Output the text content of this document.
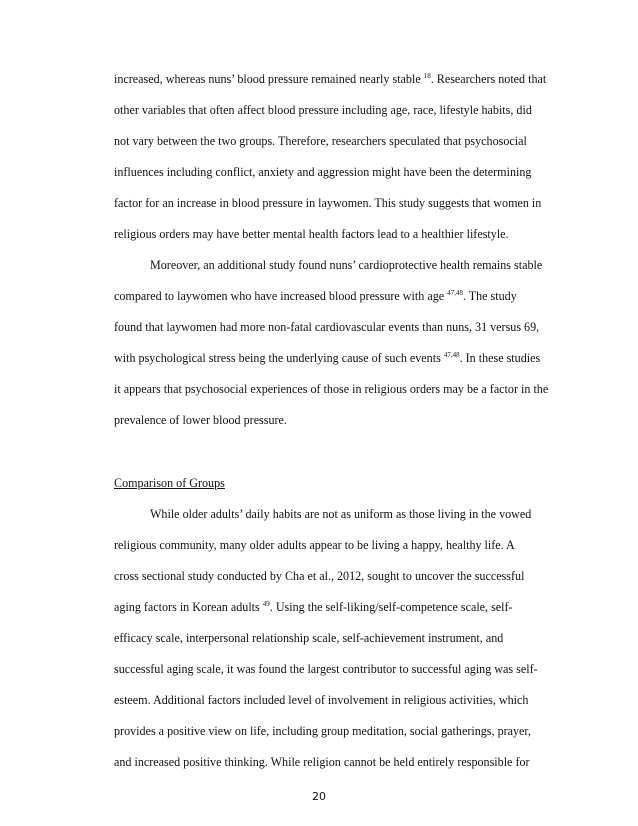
increased, whereas nuns’ blood pressure remained nearly stable $^{18}$. Researchers noted that
other variables that often affect blood pressure including age, race, lifestyle habits, did
not vary between the two groups. Therefore, researchers speculated that psychosocial
influences including conflict, anxiety and aggression might have been the determining
factor for an increase in blood pressure in laywomen. This study suggests that women in
religious orders may have better mental health factors lead to a healthier lifestyle.
Moreover, an additional study found nuns’ cardioprotective health remains stable
compared to laywomen who have increased blood pressure with age $^{47,48}$. The study
found that laywomen had more non-fatal cardiovascular events than nuns, 31 versus 69,
with psychological stress being the underlying cause of such events $^{47,48}$. In these studies
it appears that psychosocial experiences of those in religious orders may be a factor in the
prevalence of lower blood pressure.
Comparison of Groups
While older adults’ daily habits are not as uniform as those living in the vowed
religious community, many older adults appear to be living a happy, healthy life. A
cross sectional study conducted by Cha et al., 2012, sought to uncover the successful
aging factors in Korean adults $^{49}$. Using the self-liking/self-competence scale, self-
efficacy scale, interpersonal relationship scale, self-achievement instrument, and
successful aging scale, it was found the largest contributor to successful aging was self-
esteem. Additional factors included level of involvement in religious activities, which
provides a positive view on life, including group meditation, social gatherings, prayer,
and increased positive thinking. While religion cannot be held entirely responsible for
20
